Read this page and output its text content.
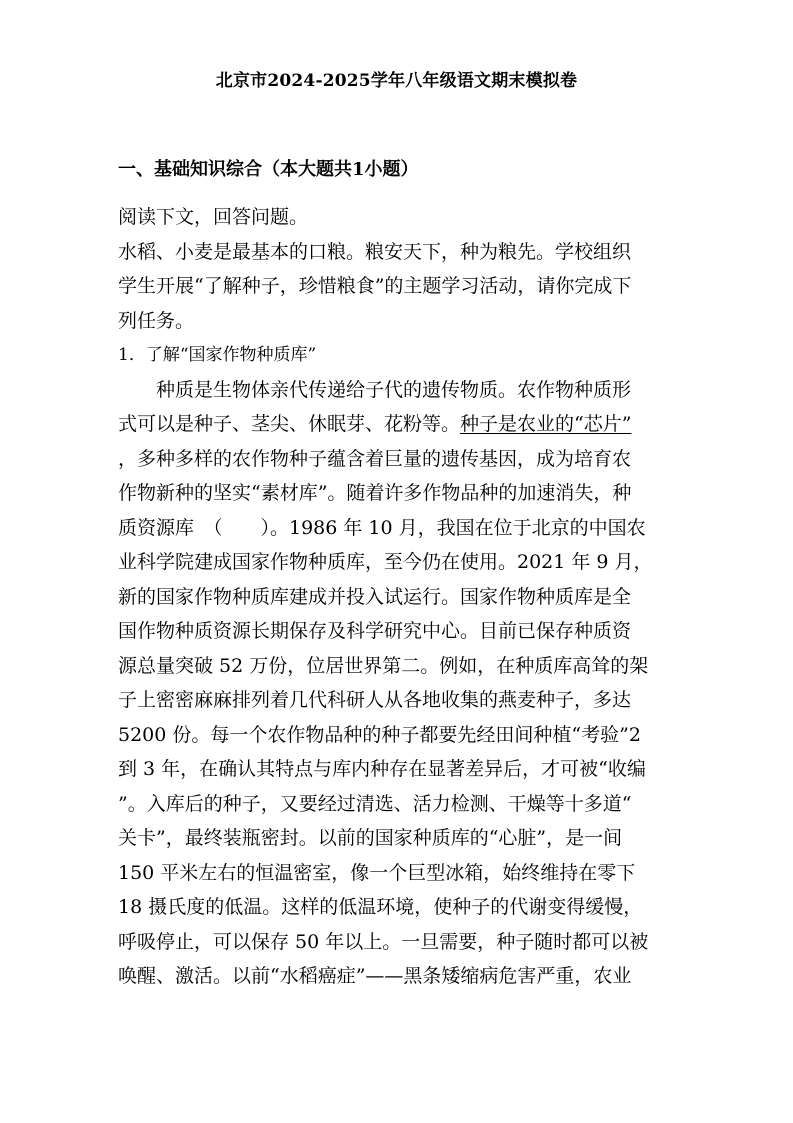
北京市2024-2025学年八年级语文期末模拟卷
一、基础知识综合（本大题共1小题）
阅读下文，回答问题。
水稻、小麦是最基本的口粮。粮安天下，种为粮先。学校组织
学生开展“了解种子，珍惜粮食”的主题学习活动，请你完成下
列任务。
1．了解“国家作物种质库”
种质是生物体亲代传递给子代的遗传物质。农作物种质形
式可以是种子、茎尖、休眠芽、花粉等。种子是农业的“芯片”
，多种多样的农作物种子蕴含着巨量的遗传基因，成为培育农
作物新种的坚实“素材库”。随着许多作物品种的加速消失，种
质资源库　（　　）。1986 年 10 月，我国在位于北京的中国农
业科学院建成国家作物种质库，至今仍在使用。2021 年 9 月，
新的国家作物种质库建成并投入试运行。国家作物种质库是全
国作物种质资源长期保存及科学研究中心。目前已保存种质资
源总量突破 52 万份，位居世界第二。例如，在种质库高耸的架
子上密密麻麻排列着几代科研人从各地收集的燕麦种子，多达
5200 份。每一个农作物品种的种子都要先经田间种植“考验”2
到 3 年，在确认其特点与库内种存在显著差异后，才可被“收编
”。入库后的种子，又要经过清选、活力检测、干燥等十多道“
关卡”，最终装瓶密封。以前的国家种质库的“心脏”，是一间
150 平米左右的恒温密室，像一个巨型冰箱，始终维持在零下
18 摄氏度的低温。这样的低温环境，使种子的代谢变得缓慢，
呼吸停止，可以保存 50 年以上。一旦需要，种子随时都可以被
唤醒、激活。以前“水稻癌症”——黑条矮缩病危害严重，农业
